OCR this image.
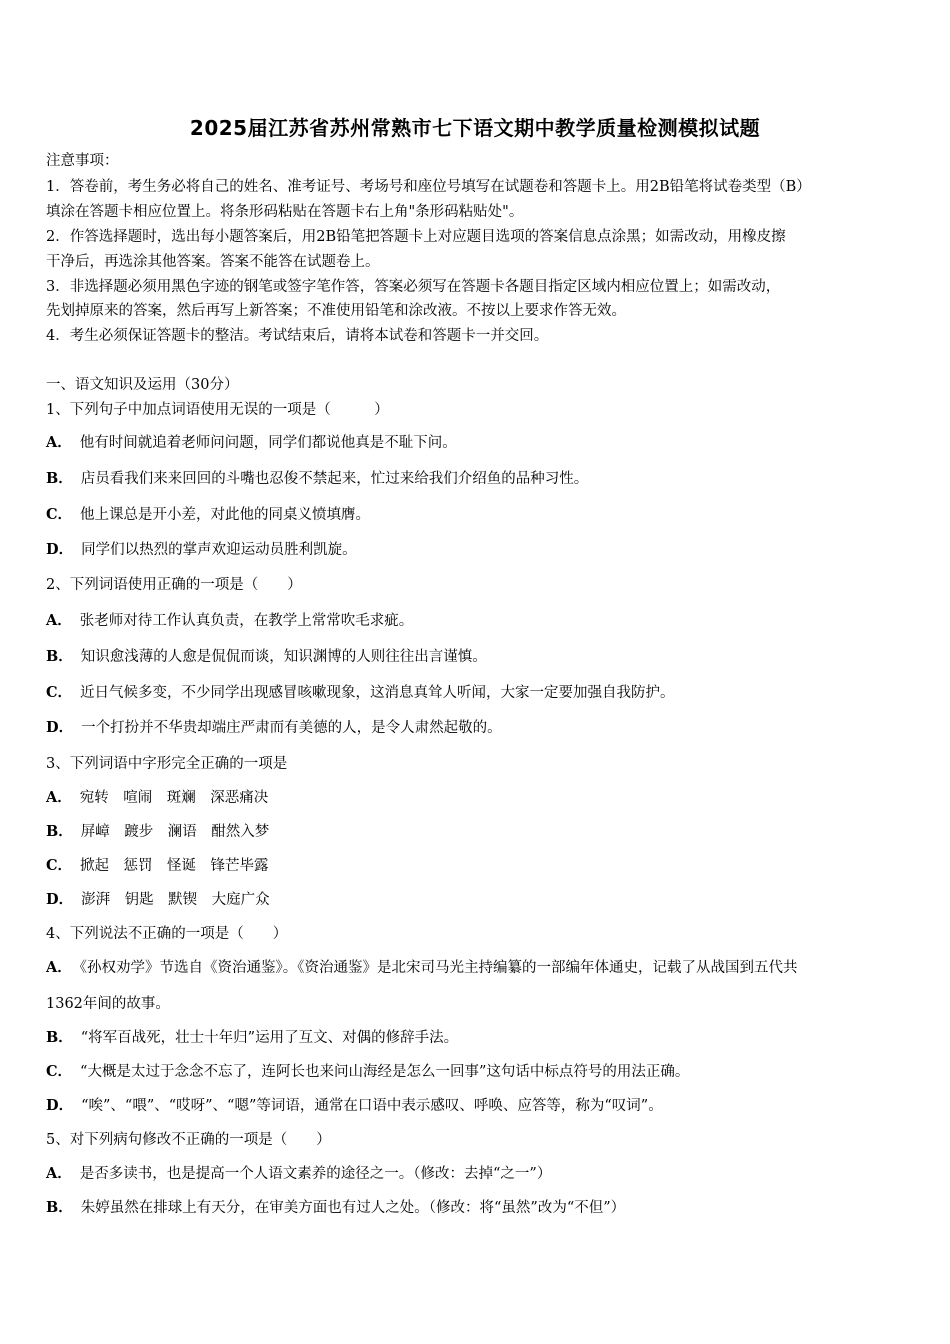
2025届江苏省苏州常熟市七下语文期中教学质量检测模拟试题
注意事项：
1．答卷前，考生务必将自己的姓名、准考证号、考场号和座位号填写在试题卷和答题卡上。用2B铅笔将试卷类型（B）
填涂在答题卡相应位置上。将条形码粘贴在答题卡右上角"条形码粘贴处"。
2．作答选择题时，选出每小题答案后，用2B铅笔把答题卡上对应题目选项的答案信息点涂黑；如需改动，用橡皮擦
干净后，再选涂其他答案。答案不能答在试题卷上。
3．非选择题必须用黑色字迹的钢笔或签字笔作答，答案必须写在答题卡各题目指定区域内相应位置上；如需改动，
先划掉原来的答案，然后再写上新答案；不准使用铅笔和涂改液。不按以上要求作答无效。
4．考生必须保证答题卡的整洁。考试结束后，请将本试卷和答题卡一并交回。
一、语文知识及运用（30分）
1、下列句子中加点词语使用无误的一项是（　　　）
A． 他有时间就追着老师问问题，同学们都说他真是不耻下问。
B． 店员看我们来来回回的斗嘴也忍俊不禁起来，忙过来给我们介绍鱼的品种习性。
C． 他上课总是开小差，对此他的同桌义愤填膺。
D． 同学们以热烈的掌声欢迎运动员胜利凯旋。
2、下列词语使用正确的一项是（　　）
A． 张老师对待工作认真负责，在教学上常常吹毛求疵。
B． 知识愈浅薄的人愈是侃侃而谈，知识渊博的人则往往出言谨慎。
C． 近日气候多变，不少同学出现感冒咳嗽现象，这消息真耸人听闻，大家一定要加强自我防护。
D． 一个打扮并不华贵却端庄严肃而有美德的人，是令人肃然起敬的。
3、下列词语中字形完全正确的一项是
A． 宛转　喧闹　斑斓　深恶痛决
B． 屏嶂　踱步　澜语　酣然入梦
C． 掀起　惩罚　怪诞　锋芒毕露
D． 澎湃　钥匙　默锲　大庭广众
4、下列说法不正确的一项是（　　）
A． 《孙权劝学》节选自《资治通鉴》。《资治通鉴》是北宋司马光主持编纂的一部编年体通史，记载了从战国到五代共
1362年间的故事。
B． “将军百战死，壮士十年归”运用了互文、对偶的修辞手法。
C． “大概是太过于念念不忘了，连阿长也来问山海经是怎么一回事”这句话中标点符号的用法正确。
D． “唉”、“喂”、“哎呀”、“嗯”等词语，通常在口语中表示感叹、呼唤、应答等，称为“叹词”。
5、对下列病句修改不正确的一项是（　　）
A． 是否多读书，也是提高一个人语文素养的途径之一。（修改：去掉“之一”）
B． 朱婷虽然在排球上有天分，在审美方面也有过人之处。（修改：将“虽然”改为“不但”）
